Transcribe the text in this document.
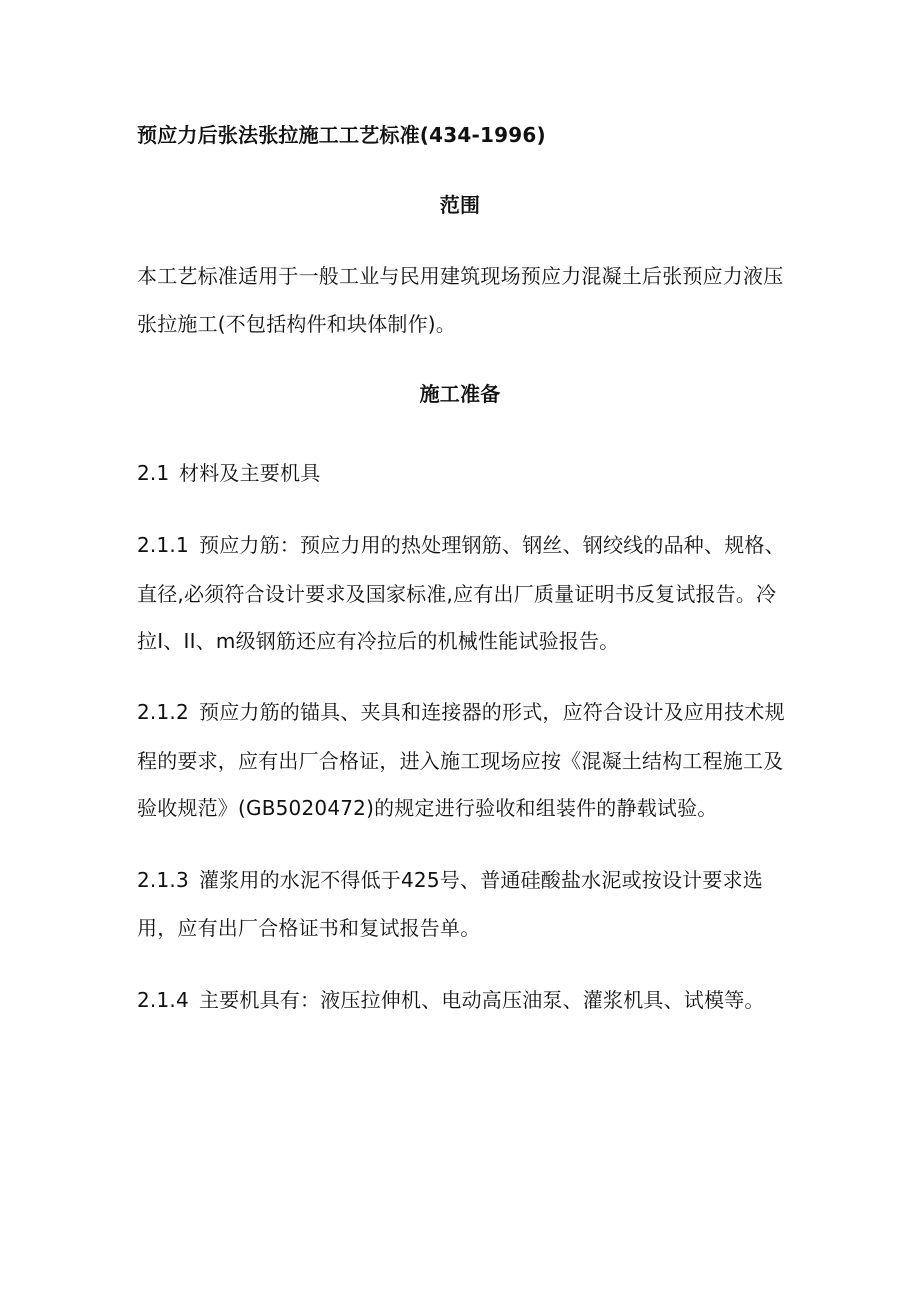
预应力后张法张拉施工工艺标准(434-1996)
范围
本工艺标准适用于一般工业与民用建筑现场预应力混凝土后张预应力液压
张拉施工(不包括构件和块体制作)。
施工准备
2.1 材料及主要机具
2.1.1 预应力筋：预应力用的热处理钢筋、钢丝、钢绞线的品种、规格、
直径,必须符合设计要求及国家标准,应有出厂质量证明书反复试报告。冷
拉I、II、m级钢筋还应有冷拉后的机械性能试验报告。
2.1.2 预应力筋的锚具、夹具和连接器的形式，应符合设计及应用技术规
程的要求，应有出厂合格证，进入施工现场应按《混凝土结构工程施工及
验收规范》(GB5020472)的规定进行验收和组装件的静载试验。
2.1.3 灌浆用的水泥不得低于425号、普通硅酸盐水泥或按设计要求选
用，应有出厂合格证书和复试报告单。
2.1.4 主要机具有：液压拉伸机、电动高压油泵、灌浆机具、试模等。
